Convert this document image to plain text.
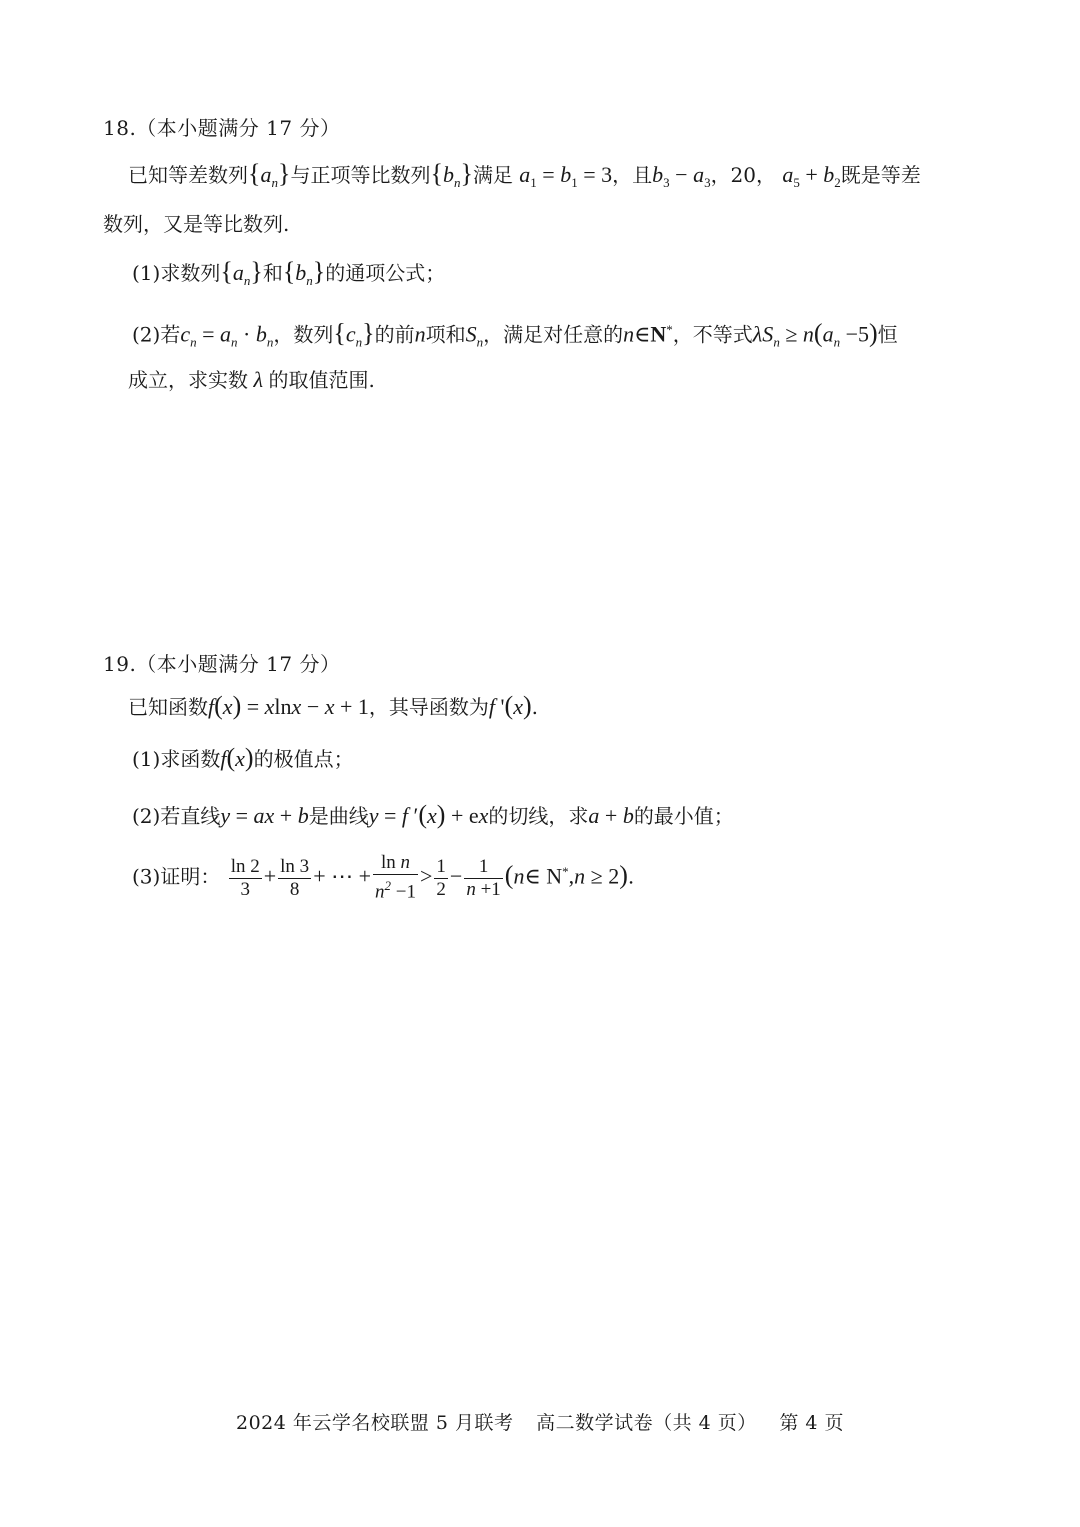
18.（本小题满分 17 分）
已知等差数列$\{a_n\}$与正项等比数列$\{b_n\}$满足 $a_1 = b_1 = 3$，且$b_3 - a_3$，20， $a_5 + b_2$既是等差
数列，又是等比数列.
(1)求数列$\{a_n\}$和$\{b_n\}$的通项公式；
(2)若$c_n = a_n \cdot b_n$，数列$\{c_n\}$的前n项和$S_n$，满足对任意的n∈N*，不等式$\lambda S_n \ge n(a_n -5)$恒
成立，求实数 λ 的取值范围.
19.（本小题满分 17 分）
已知函数f(x) = xlnx − x + 1，其导函数为f '(x).
(1)求函数f(x)的极值点；
(2)若直线y = ax + b是曲线y = f ′(x) + ex的切线，求a + b的最小值；
(3)证明： $\frac{\ln 2}{3} + \frac{\ln 3}{8}$ + ⋯ + $\frac{\text{ln n}}{n^2 -1} > \frac{1}{2} - \frac{1}{n +1}$ (n∈ N*,n ≥ 2).
2024 年云学名校联盟 5 月联考 高二数学试卷（共 4 页） 第 4 页
